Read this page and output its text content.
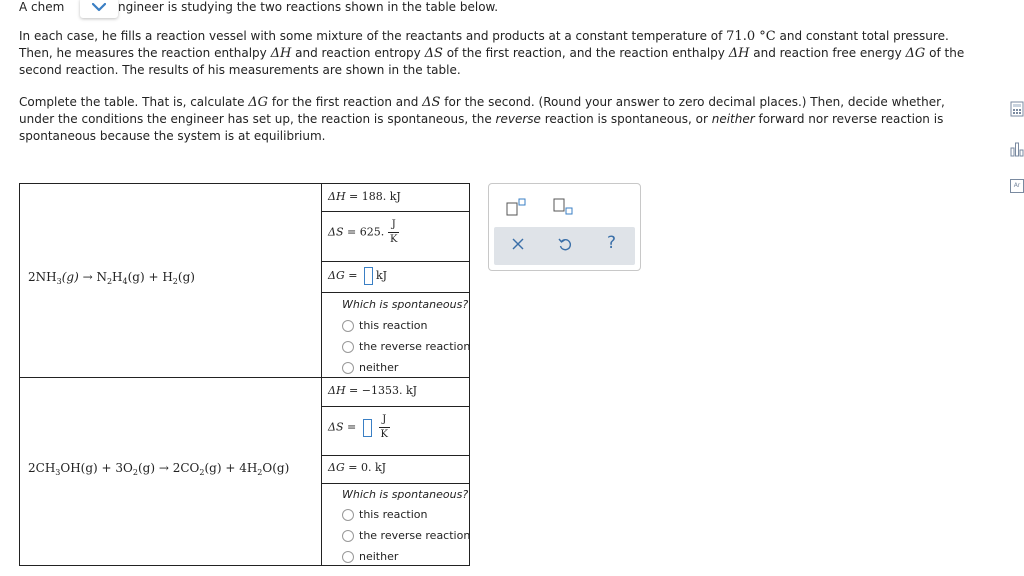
A chem	ngineer is studying the two reactions shown in the table below.
In each case, he fills a reaction vessel with some mixture of the reactants and products at a constant temperature of 71.0 °C and constant total pressure. Then, he measures the reaction enthalpy ΔH and reaction entropy ΔS of the first reaction, and the reaction enthalpy ΔH and reaction free energy ΔG of the second reaction. The results of his measurements are shown in the table.
Complete the table. That is, calculate ΔG for the first reaction and ΔS for the second. (Round your answer to zero decimal places.) Then, decide whether, under the conditions the engineer has set up, the reaction is spontaneous, the reverse reaction is spontaneous, or neither forward nor reverse reaction is spontaneous because the system is at equilibrium.
$2NH_3(g) \to N_2H_4(g) + H_2(g)$
ΔH = 188. kJ
ΔS = 625. $\frac{J}{K}$
ΔG = kJ
Which is spontaneous?
this reaction
the reverse reaction
neither
$2CH_3OH(g) + 3O_2(g) \to 2CO_2(g) + 4H_2O(g)$
ΔH = −1353. kJ
$\Delta S = \frac{J}{K}$
ΔG = 0. kJ
Which is spontaneous?
this reaction
the reverse reaction
neither
?
Ar
